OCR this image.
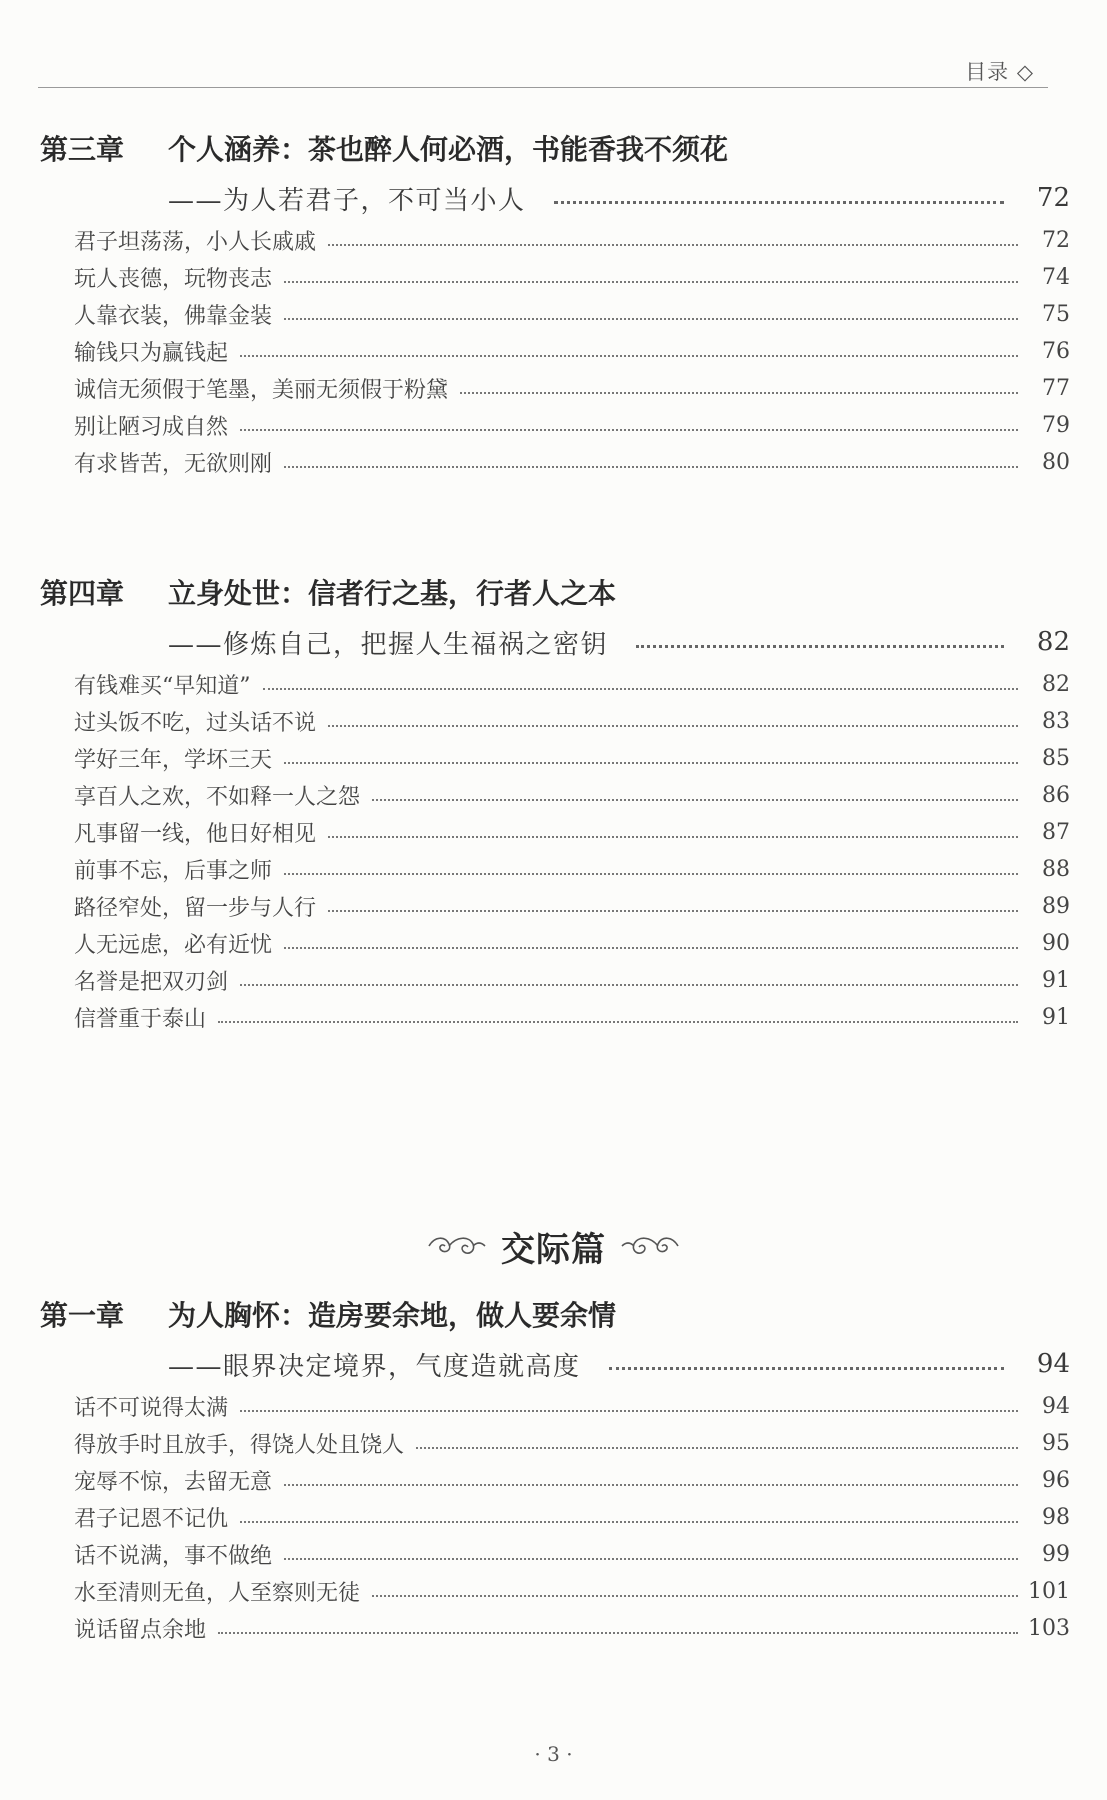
目录 ◇
第三章 个人涵养：茶也醉人何必酒，书能香我不须花
——为人若君子，不可当小人	72
君子坦荡荡，小人长戚戚	72
玩人丧德，玩物丧志	74
人靠衣装，佛靠金装	75
输钱只为赢钱起	76
诚信无须假于笔墨，美丽无须假于粉黛	77
别让陋习成自然	79
有求皆苦，无欲则刚	80
第四章 立身处世：信者行之基，行者人之本
——修炼自己，把握人生福祸之密钥	82
有钱难买“早知道”	82
过头饭不吃，过头话不说	83
学好三年，学坏三天	85
享百人之欢，不如释一人之怨	86
凡事留一线，他日好相见	87
前事不忘，后事之师	88
路径窄处，留一步与人行	89
人无远虑，必有近忧	90
名誉是把双刃剑	91
信誉重于泰山	91
交际篇
第一章 为人胸怀：造房要余地，做人要余情
——眼界决定境界，气度造就高度	94
话不可说得太满	94
得放手时且放手，得饶人处且饶人	95
宠辱不惊，去留无意	96
君子记恩不记仇	98
话不说满，事不做绝	99
水至清则无鱼，人至察则无徒	101
说话留点余地	103
· 3 ·
